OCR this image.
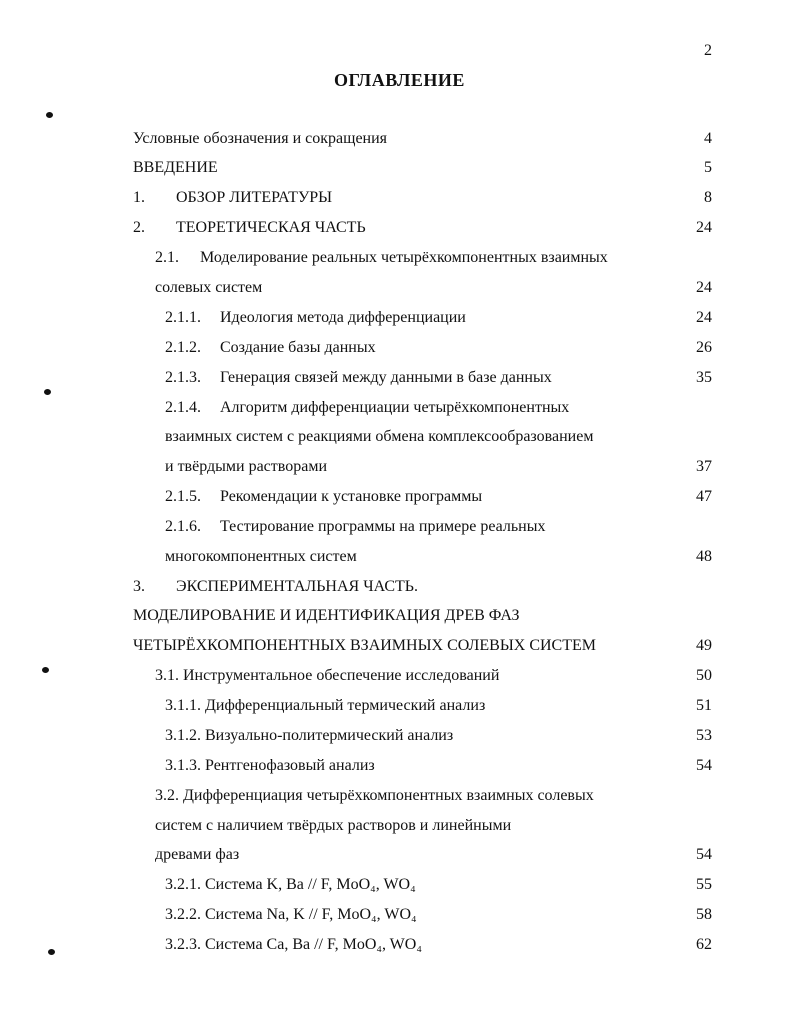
2
ОГЛАВЛЕНИЕ
Условные обозначения и сокращения	4
ВВЕДЕНИЕ	5
1. ОБЗОР ЛИТЕРАТУРЫ	8
2. ТЕОРЕТИЧЕСКАЯ ЧАСТЬ	24
2.1. Моделирование реальных четырёхкомпонентных взаимных
солевых систем	24
2.1.1. Идеология метода дифференциации	24
2.1.2. Создание базы данных	26
2.1.3. Генерация связей между данными в базе данных	35
2.1.4. Алгоритм дифференциации четырёхкомпонентных
взаимных систем с реакциями обмена комплексообразованием
и твёрдыми растворами	37
2.1.5. Рекомендации к установке программы	47
2.1.6. Тестирование программы на примере реальных
многокомпонентных систем	48
3. ЭКСПЕРИМЕНТАЛЬНАЯ ЧАСТЬ.
МОДЕЛИРОВАНИЕ И ИДЕНТИФИКАЦИЯ ДРЕВ ФАЗ
ЧЕТЫРЁХКОМПОНЕНТНЫХ ВЗАИМНЫХ СОЛЕВЫХ СИСТЕМ	49
3.1. Инструментальное обеспечение исследований	50
3.1.1. Дифференциальный термический анализ	51
3.1.2. Визуально-политермический анализ	53
3.1.3. Рентгенофазовый анализ	54
3.2. Дифференциация четырёхкомпонентных взаимных солевых
систем с наличием твёрдых растворов и линейными
древами фаз	54
3.2.1. Система K, Ba // F, MoO₄, WO₄	55
3.2.2. Система Na, K // F, MoO₄, WO₄	58
3.2.3. Система Ca, Ba // F, MoO₄, WO₄	62
